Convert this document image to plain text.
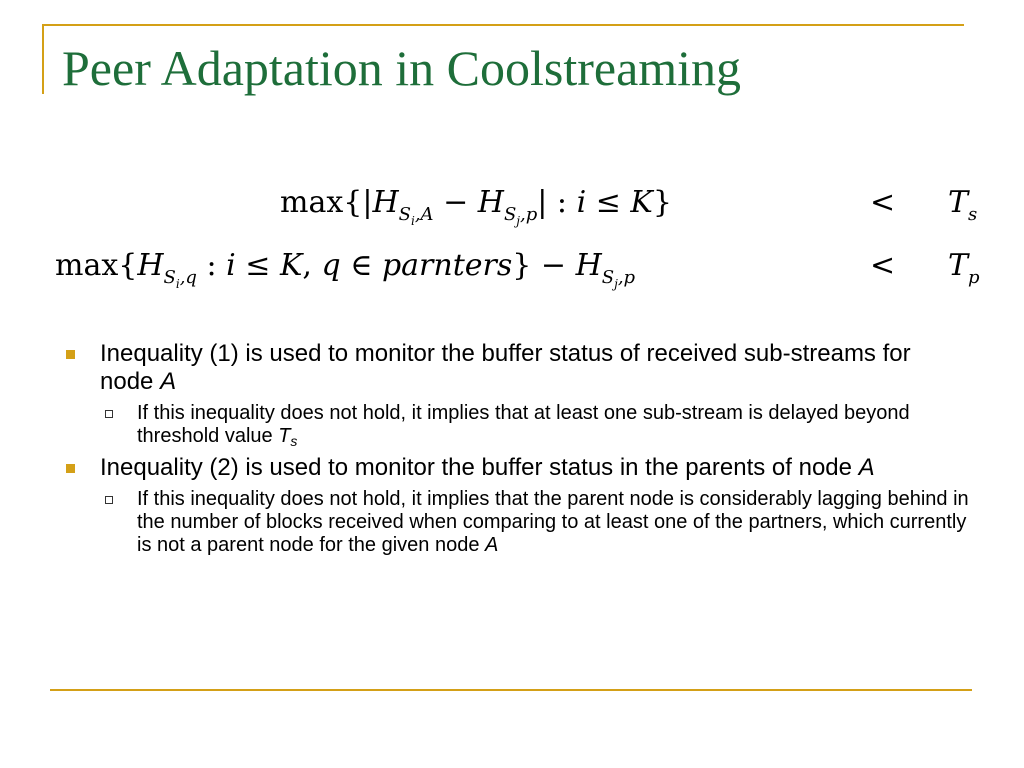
Peer Adaptation in Coolstreaming
$\max\{|H_{S_i,A} - H_{S_j,p}|$ : i ≤ K}	< $T_s$
$\max\{H_{S_i,q}$ : i ≤ K, q ∈ parnters} − $H_{S_j,p}$	< $T_p$
Inequality (1) is used to monitor the buffer status of received sub-streams for node A
If this inequality does not hold, it implies that at least one sub-stream is delayed beyond threshold value $T_s$
Inequality (2) is used to monitor the buffer status in the parents of node A
If this inequality does not hold, it implies that the parent node is considerably lagging behind in the number of blocks received when comparing to at least one of the partners, which currently is not a parent node for the given node A
